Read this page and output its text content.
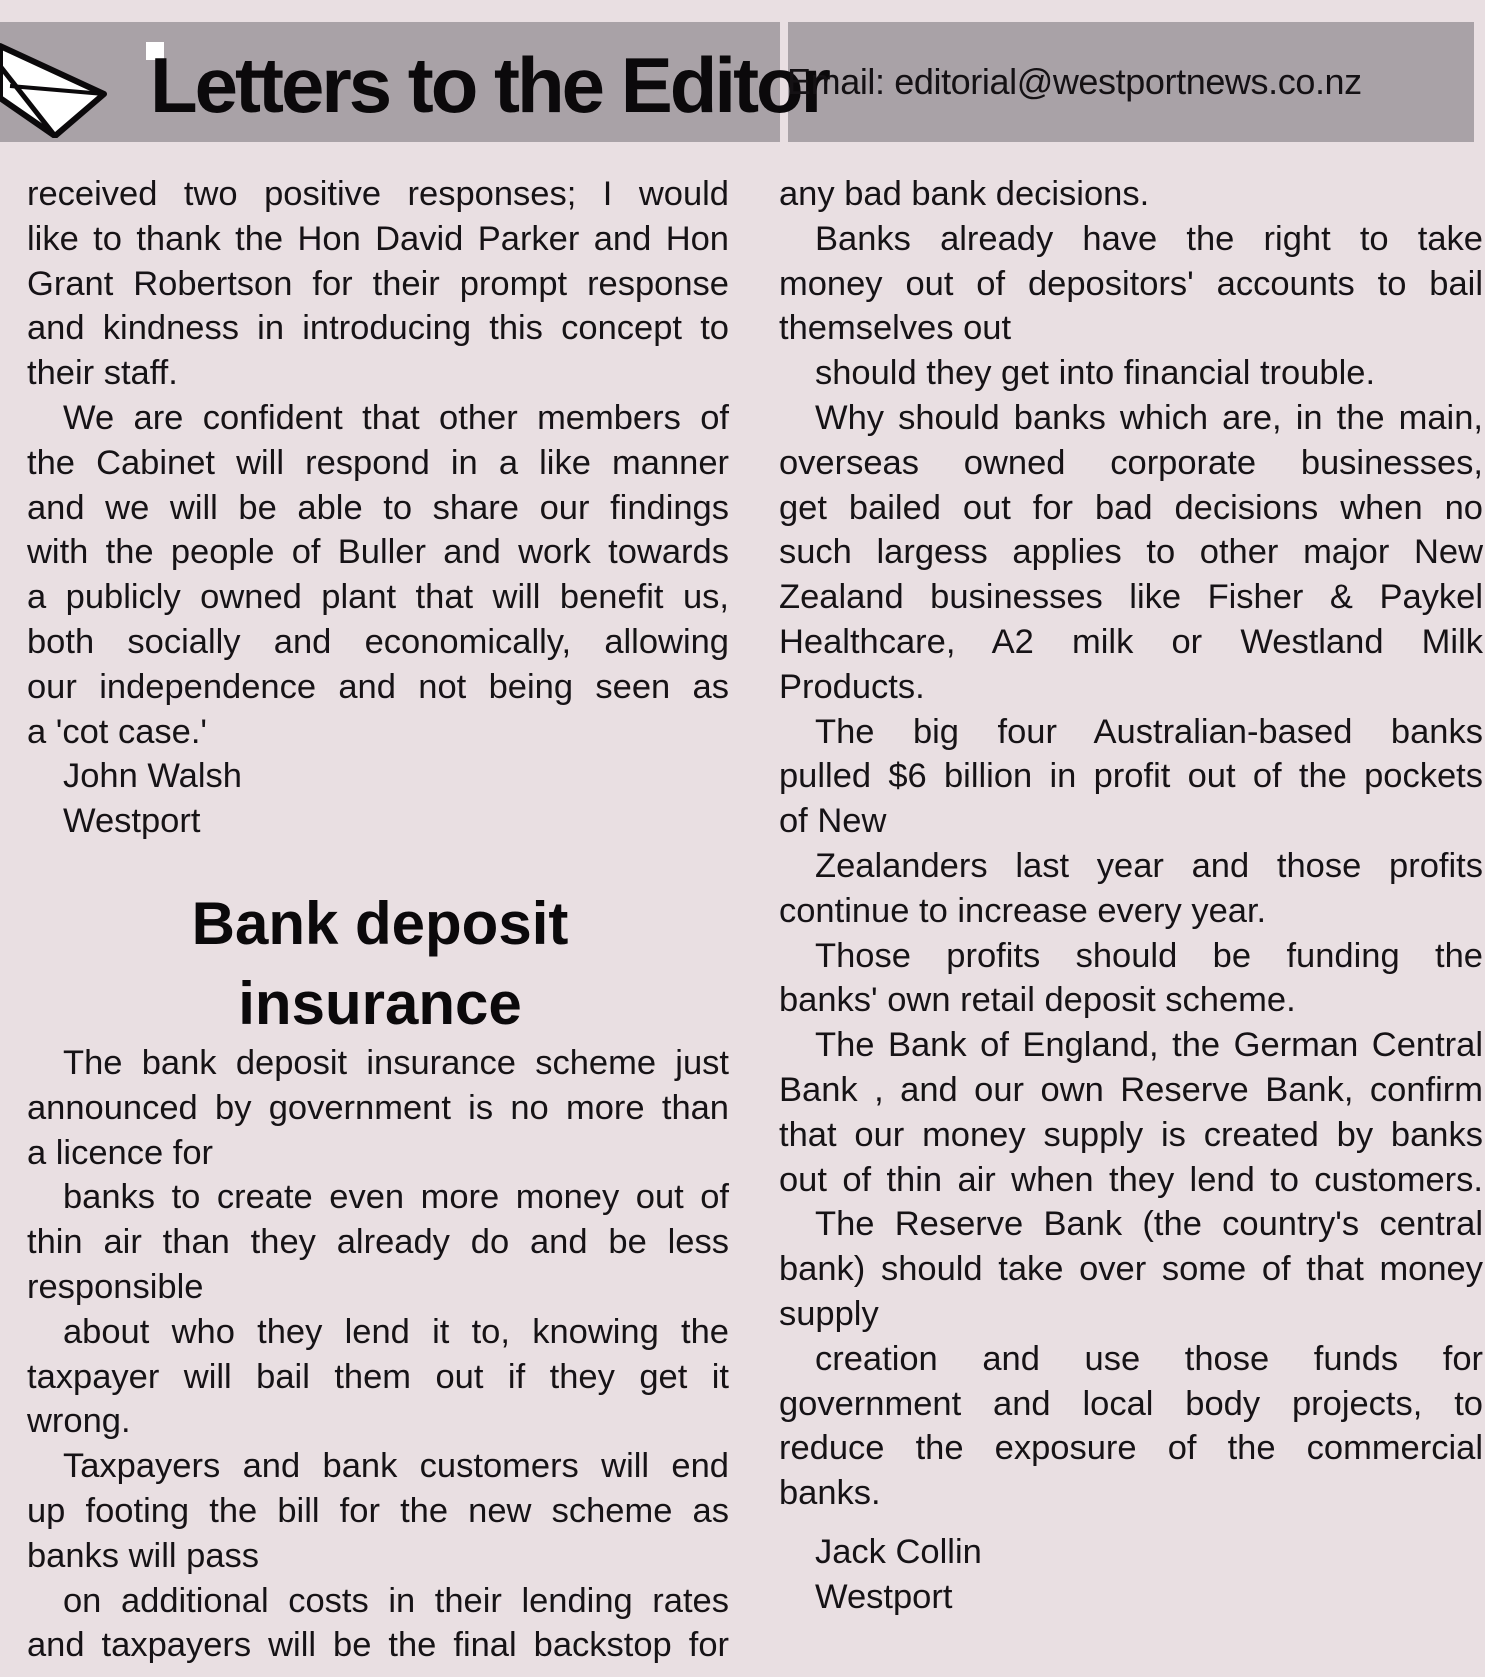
Letters to the Editor
Email: editorial@westportnews.co.nz
received two positive responses; I would
like to thank the Hon David Parker and Hon
Grant Robertson for their prompt response
and kindness in introducing this concept to
their staff.
We are confident that other members of
the Cabinet will respond in a like manner
and we will be able to share our findings
with the people of Buller and work towards
a publicly owned plant that will benefit us,
both socially and economically, allowing
our independence and not being seen as
a 'cot case.'
John Walsh
Westport
Bank deposit
insurance
The bank deposit insurance scheme just
announced by government is no more than
a licence for
banks to create even more money out of
thin air than they already do and be less
responsible
about who they lend it to, knowing the
taxpayer will bail them out if they get it
wrong.
Taxpayers and bank customers will end
up footing the bill for the new scheme as
banks will pass
on additional costs in their lending rates
and taxpayers will be the final backstop for
any bad bank decisions.
Banks already have the right to take
money out of depositors' accounts to bail
themselves out
should they get into financial trouble.
Why should banks which are, in the main,
overseas owned corporate businesses,
get bailed out for bad decisions when no
such largess applies to other major New
Zealand businesses like Fisher & Paykel
Healthcare, A2 milk or Westland Milk
Products.
The big four Australian-based banks
pulled $6 billion in profit out of the pockets
of New
Zealanders last year and those profits
continue to increase every year.
Those profits should be funding the
banks' own retail deposit scheme.
The Bank of England, the German Central
Bank , and our own Reserve Bank, confirm
that our money supply is created by banks
out of thin air when they lend to customers.
The Reserve Bank (the country's central
bank) should take over some of that money
supply
creation and use those funds for
government and local body projects, to
reduce the exposure of the commercial
banks.
Jack Collin
Westport
